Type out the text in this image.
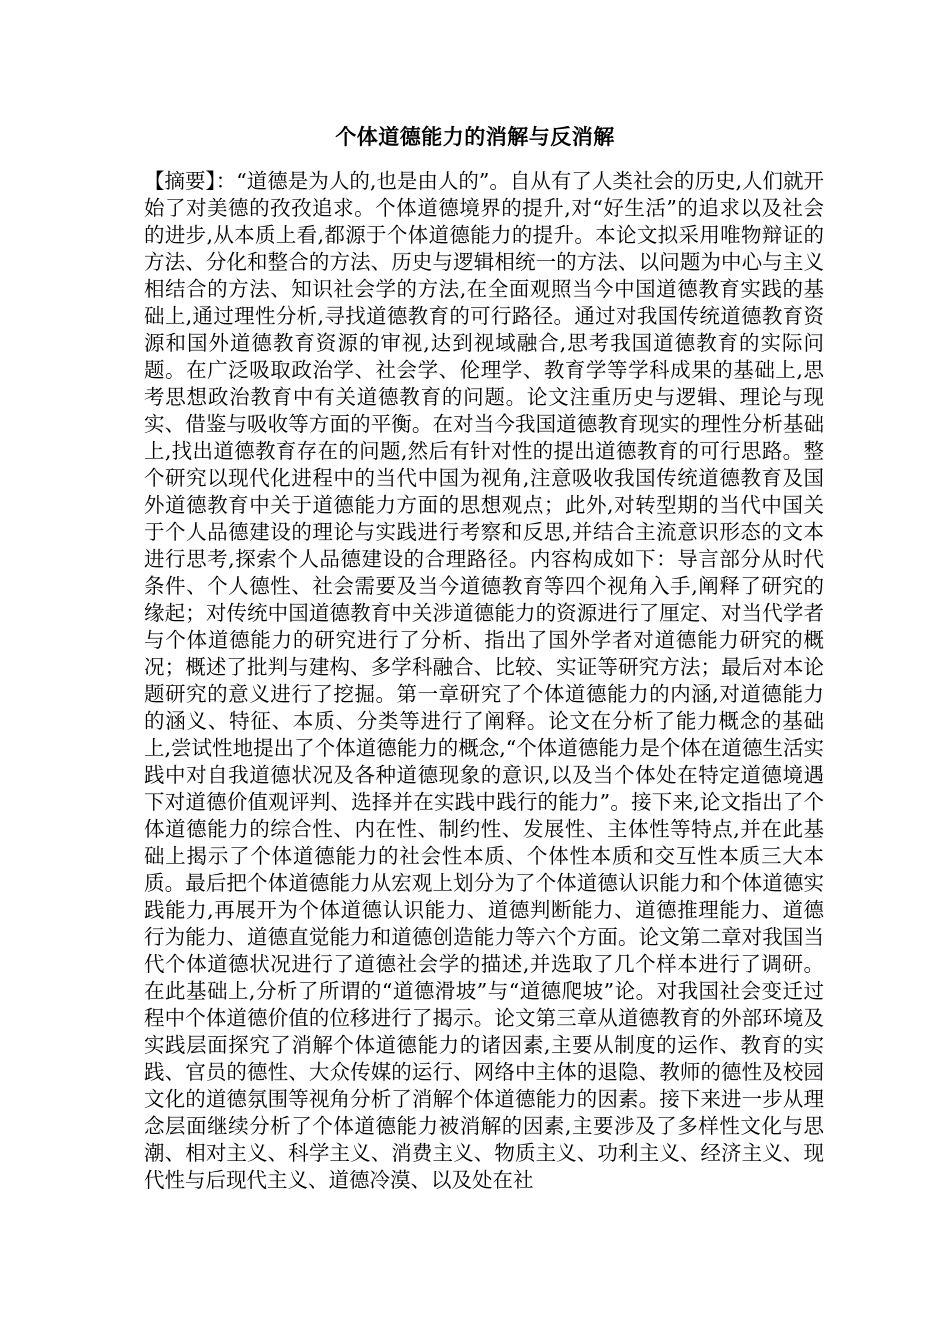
个体道德能力的消解与反消解

【摘要】：“道德是为人的,也是由人的”。自从有了人类社会的历史,人们就开始了对美德的孜孜追求。个体道德境界的提升,对“好生活”的追求以及社会的进步,从本质上看,都源于个体道德能力的提升。本论文拟采用唯物辩证的方法、分化和整合的方法、历史与逻辑相统一的方法、以问题为中心与主义相结合的方法、知识社会学的方法,在全面观照当今中国道德教育实践的基础上,通过理性分析,寻找道德教育的可行路径。通过对我国传统道德教育资源和国外道德教育资源的审视,达到视域融合,思考我国道德教育的实际问题。在广泛吸取政治学、社会学、伦理学、教育学等学科成果的基础上,思考思想政治教育中有关道德教育的问题。论文注重历史与逻辑、理论与现实、借鉴与吸收等方面的平衡。在对当今我国道德教育现实的理性分析基础上,找出道德教育存在的问题,然后有针对性的提出道德教育的可行思路。整个研究以现代化进程中的当代中国为视角,注意吸收我国传统道德教育及国外道德教育中关于道德能力方面的思想观点；此外,对转型期的当代中国关于个人品德建设的理论与实践进行考察和反思,并结合主流意识形态的文本进行思考,探索个人品德建设的合理路径。内容构成如下：导言部分从时代条件、个人德性、社会需要及当今道德教育等四个视角入手,阐释了研究的缘起；对传统中国道德教育中关涉道德能力的资源进行了厘定、对当代学者与个体道德能力的研究进行了分析、指出了国外学者对道德能力研究的概况；概述了批判与建构、多学科融合、比较、实证等研究方法；最后对本论题研究的意义进行了挖掘。第一章研究了个体道德能力的内涵,对道德能力的涵义、特征、本质、分类等进行了阐释。论文在分析了能力概念的基础上,尝试性地提出了个体道德能力的概念,“个体道德能力是个体在道德生活实践中对自我道德状况及各种道德现象的意识,以及当个体处在特定道德境遇下对道德价值观评判、选择并在实践中践行的能力”。接下来,论文指出了个体道德能力的综合性、内在性、制约性、发展性、主体性等特点,并在此基础上揭示了个体道德能力的社会性本质、个体性本质和交互性本质三大本质。最后把个体道德能力从宏观上划分为了个体道德认识能力和个体道德实践能力,再展开为个体道德认识能力、道德判断能力、道德推理能力、道德行为能力、道德直觉能力和道德创造能力等六个方面。论文第二章对我国当代个体道德状况进行了道德社会学的描述,并选取了几个样本进行了调研。在此基础上,分析了所谓的“道德滑坡”与“道德爬坡”论。对我国社会变迁过程中个体道德价值的位移进行了揭示。论文第三章从道德教育的外部环境及实践层面探究了消解个体道德能力的诸因素,主要从制度的运作、教育的实践、官员的德性、大众传媒的运行、网络中主体的退隐、教师的德性及校园文化的道德氛围等视角分析了消解个体道德能力的因素。接下来进一步从理念层面继续分析了个体道德能力被消解的因素,主要涉及了多样性文化与思潮、相对主义、科学主义、消费主义、物质主义、功利主义、经济主义、现代性与后现代主义、道德冷漠、以及处在社
